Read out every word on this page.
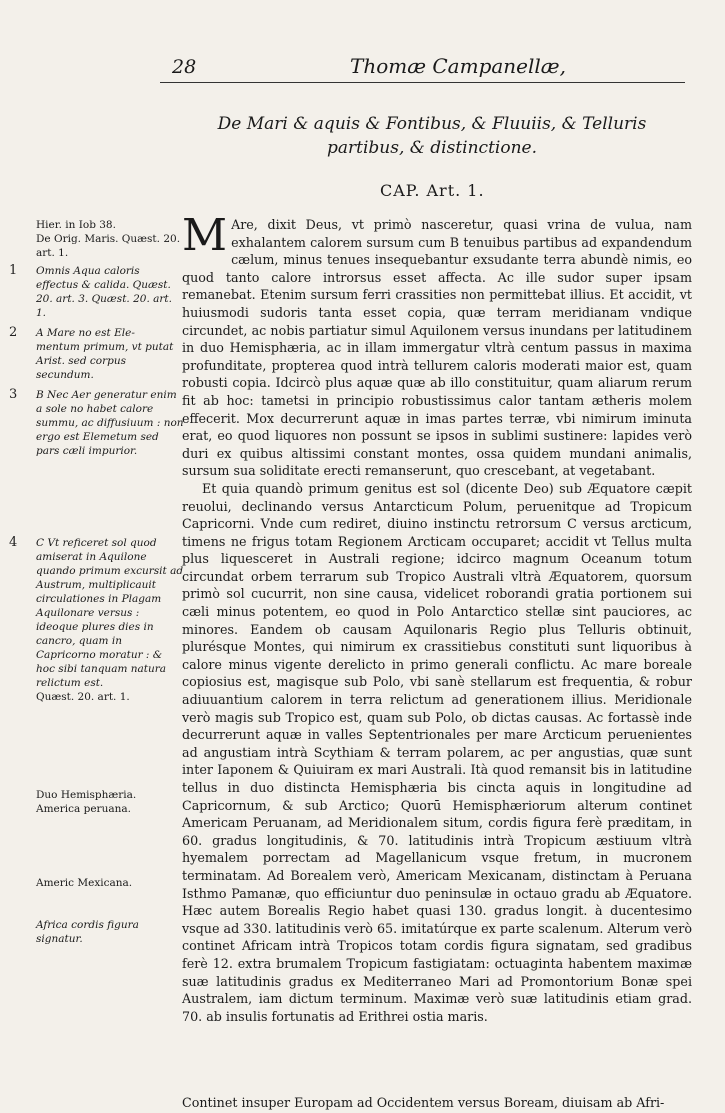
28	Thomæ Campanellæ,
De Mari & aquis & Fontibus, & Fluuiis, & Telluris partibus, & distinctione.
CAP. Art. 1.
Hier. in Iob 38.
De Orig. Maris. Quæst. 20. art. 1.
1 Omnis Aqua caloris
effectus & calida. Quæst. 20. art. 3. Quæst. 20. art. 1.
2 A Mare no est Ele-
mentum primum, vt putat Arist. sed corpus secundum.
3 B Nec Aer generatur enim a sole no habet calore summu, ac diffusiuum : non ergo est Elemetum sed pars cæli impurior.
4 C Vt reficeret sol quod amiserat in Aquilone quando primum excursit ad Austrum, multiplicauit circulationes in Plagam Aquilonare versus : ideoque plures dies in cancro, quam in Capricorno moratur : & hoc sibi tanquam natura relictum est.
Quæst. 20. art. 1.
Duo Hemisphæria.
America peruana.
Americ Mexicana.
Africa cordis figura signatur.

M Are, dixit Deus, vt primò nasceretur, quasi vrina de vulua, nam exhalantem calorem sursum cum B tenuibus partibus ad expandendum cælum, minus tenues insequebantur exsudante terra abundè nimis, eo quod tanto calore introrsus esset affecta. Ac ille sudor super ipsam remanebat. Etenim sursum ferri crassities non permittebat illius. Et accidit, vt huiusmodi sudoris tanta esset copia, quæ terram meridianam vndique circundet, ac nobis partiatur simul Aquilonem versus inundans per latitudinem in duo Hemisphæria, ac in illam immergatur vltrà centum passus in maxima profunditate, propterea quod intrà tellurem caloris moderati maior est, quam robusti copia. Idcircò plus aquæ quæ ab illo constituitur, quam aliarum rerum fit ab hoc: tametsi in principio robustissimus calor tantam ætheris molem effecerit. Mox decurrerunt aquæ in imas partes terræ, vbi nimirum iminuta erat, eo quod liquores non possunt se ipsos in sublimi sustinere: lapides verò duri ex quibus altissimi constant montes, ossa quidem mundani animalis, sursum sua soliditate erecti remanserunt, quo crescebant, at vegetabant.

Et quia quandò primum genitus est sol (dicente Deo) sub Æquatore cæpit reuolui, declinando versus Antarcticum Polum, peruenitque ad Tropicum Capricorni. Vnde cum rediret, diuino instinctu retrorsum C versus arcticum, timens ne frigus totam Regionem Arcticam occuparet; accidit vt Tellus multa plus liquesceret in Australi regione; idcirco magnum Oceanum totum circundat orbem terrarum sub Tropico Australi vltrà Æquatorem, quorsum primò sol cucurrit, non sine causa, videlicet roborandi gratia portionem sui cæli minus potentem, eo quod in Polo Antarctico stellæ sint pauciores, ac minores. Eandem ob causam Aquilonaris Regio plus Telluris obtinuit, plurésque Montes, qui nimirum ex crassitiebus constituti sunt liquoribus à calore minus vigente derelicto in primo generali conflictu. Ac mare boreale copiosius est, magisque sub Polo, vbi sanè stellarum est frequentia, & robur adiuuantium calorem in terra relictum ad generationem illius. Meridionale verò magis sub Tropico est, quam sub Polo, ob dictas causas. Ac fortassè inde decurrerunt aquæ in valles Septentrionales per mare Arcticum peruenientes ad angustiam intrà Scythiam & terram polarem, ac per angustias, quæ sunt inter Iaponem & Quiuiram ex mari Australi. Ità quod remansit bis in latitudine tellus in duo distincta Hemisphæria bis cincta aquis in longitudine ad Capricornum, & sub Arctico; Quorū Hemisphæriorum alterum continet Americam Peruanam, ad Meridionalem situm, cordis figura ferè præditam, in 60. gradus longitudinis, & 70. latitudinis intrà Tropicum æstiuum vltrà hyemalem porrectam ad Magellanicum vsque fretum, in mucronem terminatam. Ad Borealem verò, Americam Mexicanam, distinctam à Peruana Isthmo Pamanæ, quo efficiuntur duo peninsulæ in octauo gradu ab Æquatore. Hæc autem Borealis Regio habet quasi 130. gradus longit. à ducentesimo vsque ad 330. latitudinis verò 65. imitatúrque ex parte scalenum. Alterum verò continet Africam intrà Tropicos totam cordis figura signatam, sed gradibus ferè 12. extra brumalem Tropicum fastigiatam: octuaginta habentem maximæ suæ latitudinis gradus ex Mediterraneo Mari ad Promontorium Bonæ spei Australem, iam dictum terminum. Maximæ verò suæ latitudinis etiam grad. 70. ab insulis fortunatis ad Erithrei ostia maris.

Continet insuper Europam ad Occidentem versus Boream, diuisam ab Afri-
